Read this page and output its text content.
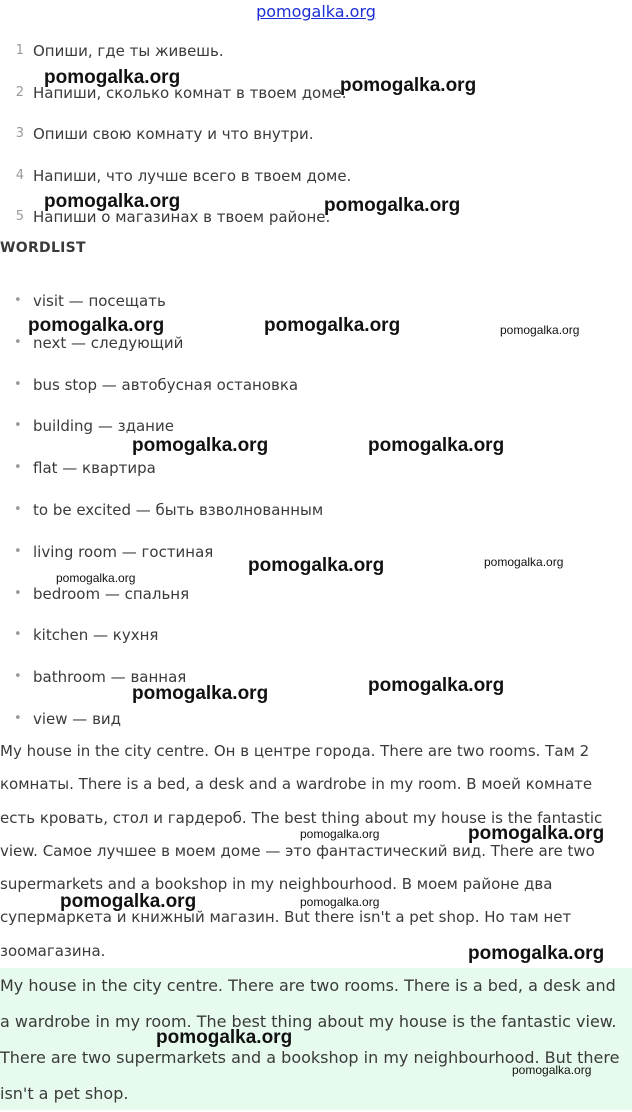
pomogalka.org
1 Опиши, где ты живешь.
2 Напиши, сколько комнат в твоем доме.
3 Опиши свою комнату и что внутри.
4 Напиши, что лучше всего в твоем доме.
5 Напиши о магазинах в твоем районе.
WORDLIST
• visit — посещать
• next — следующий
• bus stop — автобусная остановка
• building — здание
• flat — квартира
• to be excited — быть взволнованным
• living room — гостиная
• bedroom — спальня
• kitchen — кухня
• bathroom — ванная
• view — вид

My house in the city centre. Он в центре города. There are two rooms. Там 2 комнаты. There is a bed, a desk and a wardrobe in my room. В моей комнате есть кровать, стол и гардероб. The best thing about my house is the fantastic view. Самое лучшее в моем доме — это фантастический вид. There are two supermarkets and a bookshop in my neighbourhood. В моем районе два супермаркета и книжный магазин. But there isn't a pet shop. Но там нет зоомагазина.

My house in the city centre. There are two rooms. There is a bed, a desk and a wardrobe in my room. The best thing about my house is the fantastic view. There are two supermarkets and a bookshop in my neighbourhood. But there isn't a pet shop.

pomogalka.org	pomogalka.org
pomogalka.org	pomogalka.org
pomogalka.org	pomogalka.org	pomogalka.org
pomogalka.org	pomogalka.org
pomogalka.org	pomogalka.org
pomogalka.org
pomogalka.org
pomogalka.org
pomogalka.org	pomogalka.org
pomogalka.org	pomogalka.org
pomogalka.org
pomogalka.org
pomogalka.org
